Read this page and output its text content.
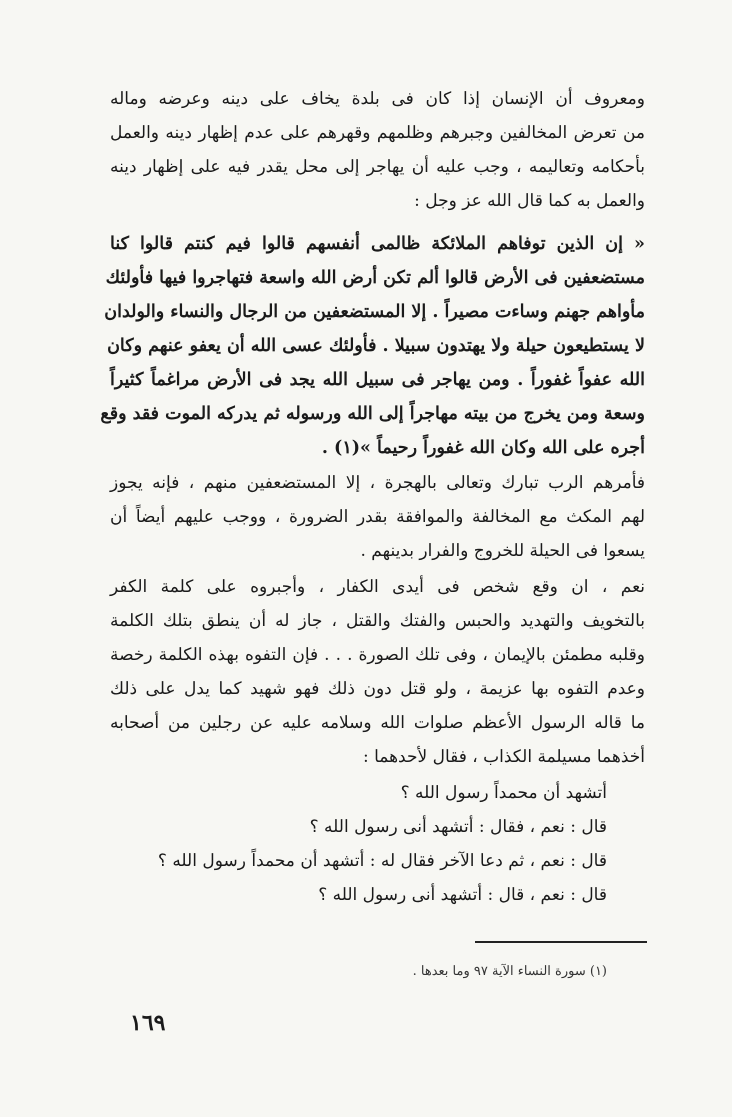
ومعروف أن الإنسان إذا كان فى بلدة يخاف على دينه وعرضه وماله
من تعرض المخالفين وجبرهم وظلمهم وقهرهم على عدم إظهار دينه والعمل
بأحكامه وتعاليمه ، وجب عليه أن يهاجر إلى محل يقدر فيه على إظهار دينه
والعمل به كما قال الله عز وجل :
« إن الذين توفاهم الملائكة ظالمى أنفسهم قالوا فيم كنتم قالوا كنا
مستضعفين فى الأرض قالوا ألم تكن أرض الله واسعة فتهاجروا فيها فأولئك
مأواهم جهنم وساءت مصيراً . إلا المستضعفين من الرجال والنساء والولدان
لا يستطيعون حيلة ولا يهتدون سبيلا . فأولئك عسى الله أن يعفو عنهم وكان
الله عفواً غفوراً . ومن يهاجر فى سبيل الله يجد فى الأرض مراغماً كثيراً
وسعة ومن يخرج من بيته مهاجراً إلى الله ورسوله ثم يدركه الموت فقد وقع
أجره على الله وكان الله غفوراً رحيماً »(١) .
فأمرهم الرب تبارك وتعالى بالهجرة ، إلا المستضعفين منهم ، فإنه يجوز
لهم المكث مع المخالفة والموافقة بقدر الضرورة ، ووجب عليهم أيضاً أن
يسعوا فى الحيلة للخروج والفرار بدينهم .
نعم ، ان وقع شخص فى أيدى الكفار ، وأجبروه على كلمة الكفر
بالتخويف والتهديد والحبس والفتك والقتل ، جاز له أن ينطق بتلك الكلمة
وقلبه مطمئن بالإيمان ، وفى تلك الصورة . . . فإن التفوه بهذه الكلمة رخصة
وعدم التفوه بها عزيمة ، ولو قتل دون ذلك فهو شهيد كما يدل على ذلك
ما قاله الرسول الأعظم صلوات الله وسلامه عليه عن رجلين من أصحابه
أخذهما مسيلمة الكذاب ، فقال لأحدهما :
أتشهد أن محمداً رسول الله ؟
قال : نعم ، فقال : أتشهد أنى رسول الله ؟
قال : نعم ، ثم دعا الآخر فقال له : أتشهد أن محمداً رسول الله ؟
قال : نعم ، قال : أتشهد أنى رسول الله ؟
(١) سورة النساء الآية ٩٧ وما بعدها .
١٦٩
